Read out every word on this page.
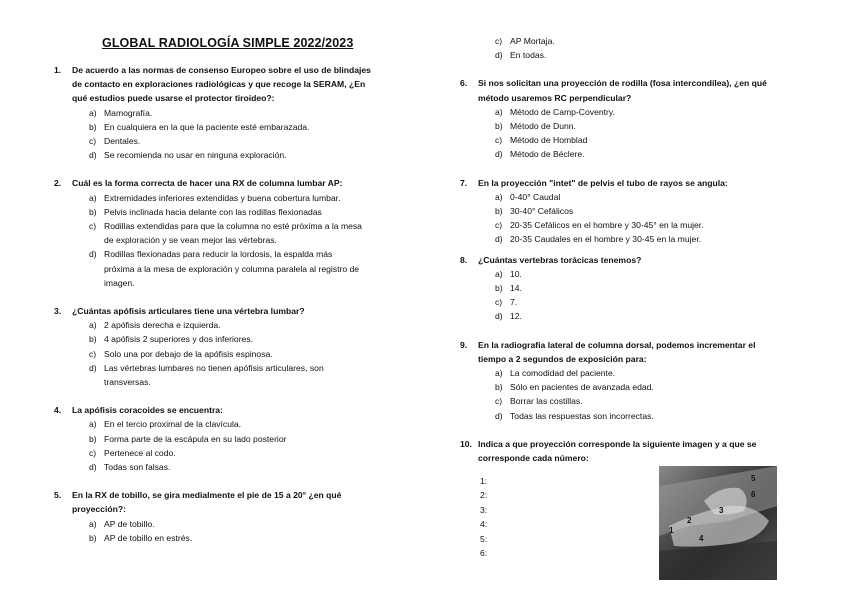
GLOBAL RADIOLOGÍA SIMPLE 2022/2023
1. De acuerdo a las normas de consenso Europeo sobre el uso de blindajes
de contacto en exploraciones radiológicas y que recoge la SERAM, ¿En
qué estudios puede usarse el protector tiroideo?:
a) Mamografía.
b) En cualquiera en la que la paciente esté embarazada.
c) Dentales.
d) Se recomienda no usar en ninguna exploración.
2. Cuál es la forma correcta de hacer una RX de columna lumbar AP:
a) Extremidades inferiores extendidas y buena cobertura lumbar.
b) Pelvis inclinada hacia delante con las rodillas flexionadas
c) Rodillas extendidas para que la columna no esté próxima a la mesa
de exploración y se vean mejor las vértebras.
d) Rodillas flexionadas para reducir la lordosis, la espalda más
próxima a la mesa de exploración y columna paralela al registro de
imagen.
3. ¿Cuántas apófisis articulares tiene una vértebra lumbar?
a) 2 apófisis derecha e izquierda.
b) 4 apófisis 2 superiores y dos inferiores.
c) Solo una por debajo de la apófisis espinosa.
d) Las vértebras lumbares no tienen apófisis articulares, son
transversas.
4. La apófisis coracoides se encuentra:
a) En el tercio proximal de la clavícula.
b) Forma parte de la escápula en su lado posterior
c) Pertenece al codo.
d) Todas son falsas.
5. En la RX de tobillo, se gira medialmente el pie de 15 a 20° ¿en qué
proyección?:
a) AP de tobillo.
b) AP de tobillo en estrés.
c) AP Mortaja.
d) En todas.
6. Si nos solicitan una proyección de rodilla (fosa intercondílea), ¿en qué
método usaremos RC perpendicular?
a) Método de Camp-Coventry.
b) Método de Dunn.
c) Método de Homblad
d) Método de Béclere.
7. En la proyección "intet" de pelvis el tubo de rayos se angula:
a) 0-40° Caudal
b) 30-40° Cefálicos
c) 20-35 Cefálicos en el hombre y 30-45° en la mujer.
d) 20-35 Caudales en el hombre y 30-45 en la mujer.
8. ¿Cuántas vertebras torácicas tenemos?
a) 10.
b) 14.
c) 7.
d) 12.
9. En la radiografía lateral de columna dorsal, podemos incrementar el
tiempo a 2 segundos de exposición para:
a) La comodidad del paciente.
b) Sólo en pacientes de avanzada edad.
c) Borrar las costillas.
d) Todas las respuestas son incorrectas.
10. Indica a que proyección corresponde la siguiente imagen y a que se
corresponde cada número:
1:
2:
3:
4:
5:
6:
1
2
3
4
5
6
